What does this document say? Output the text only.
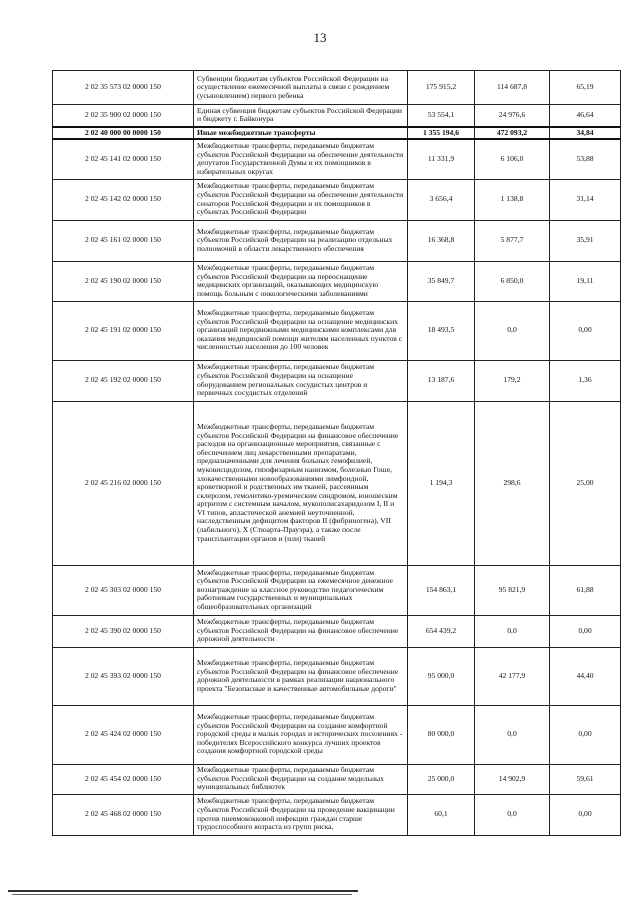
13
2 02 35 573 02 0000 150	Субвенции бюджетам субъектов Российской Федерации на осуществление ежемесячной выплаты в связи с рождением (усыновлением) первого ребенка	175 915,2	114 687,8	65,19
2 02 35 900 02 0000 150	Единая субвенция бюджетам субъектов Российской Федерации и бюджету г. Байконура	53 554,1	24 976,6	46,64
2 02 40 000 00 0000 150	Иные межбюджетные трансферты	1 355 194,6	472 093,2	34,84
2 02 45 141 02 0000 150	Межбюджетные трансферты, передаваемые бюджетам субъектов Российской Федерации на обеспечение деятельности депутатов Государственной Думы и их помощников в избирательных округах	11 331,9	6 106,0	53,88
2 02 45 142 02 0000 150	Межбюджетные трансферты, передаваемые бюджетам субъектов Российской Федерации на обеспечение деятельности сенаторов Российской Федерации и их помощников в субъектах Российской Федерации	3 656,4	1 138,8	31,14
2 02 45 161 02 0000 150	Межбюджетные трансферты, передаваемые бюджетам субъектов Российской Федерации на реализацию отдельных полномочий в области лекарственного обеспечения	16 368,8	5 877,7	35,91
2 02 45 190 02 0000 150	Межбюджетные трансферты, передаваемые бюджетам субъектов Российской Федерации на переоснащение медицинских организаций, оказывающих медицинскую помощь больным с онкологическими заболеваниями	35 849,7	6 850,0	19,11
2 02 45 191 02 0000 150	Межбюджетные трансферты, передаваемые бюджетам субъектов Российской Федерации на оснащение медицинских организаций передвижными медицинскими комплексами для оказания медицинской помощи жителям населенных пунктов с численностью населения до 100 человек	18 493,5	0,0	0,00
2 02 45 192 02 0000 150	Межбюджетные трансферты, передаваемые бюджетам субъектов Российской Федерации на оснащение оборудованием региональных сосудистых центров и первичных сосудистых отделений	13 187,6	179,2	1,36
2 02 45 216 02 0000 150	Межбюджетные трансферты, передаваемые бюджетам субъектов Российской Федерации на финансовое обеспечение расходов на организационные мероприятия, связанные с обеспечением лиц лекарственными препаратами, предназначенными для лечения больных гемофилией, муковисцидозом, гипофизарным нанизмом, болезнью Гоше, злокачественными новообразованиями лимфоидной, кроветворной и родственных им тканей, рассеянным склерозом, гемолитико-уремическим синдромом, юношеским артритом с системным началом, мукополисахаридозом I, II и VI типов, апластической анемией неуточненной, наследственным дефицитом факторов II (фибриногена), VII (лабильного), X (Стюарта-Прауэра), а также после трансплантации органов и (или) тканей	1 194,3	298,6	25,00
2 02 45 303 02 0000 150	Межбюджетные трансферты, передаваемые бюджетам субъектов Российской Федерации на ежемесячное денежное вознаграждение за классное руководство педагогическим работникам государственных и муниципальных общеобразовательных организаций	154 863,1	95 821,9	61,88
2 02 45 390 02 0000 150	Межбюджетные трансферты, передаваемые бюджетам субъектов Российской Федерации на финансовое обеспечение дорожной деятельности	654 439,2	0,0	0,00
2 02 45 393 02 0000 150	Межбюджетные трансферты, передаваемые бюджетам субъектов Российской Федерации на финансовое обеспечение дорожной деятельности в рамках реализации национального проекта "Безопасные и качественные автомобильные дороги"	95 000,0	42 177,9	44,40
2 02 45 424 02 0000 150	Межбюджетные трансферты, передаваемые бюджетам субъектов Российской Федерации на создание комфортной городской среды в малых городах и исторических поселениях - победителях Всероссийского конкурса лучших проектов создания комфортной городской среды	80 000,0	0,0	0,00
2 02 45 454 02 0000 150	Межбюджетные трансферты, передаваемые бюджетам субъектов Российской Федерации на создание модельных муниципальных библиотек	25 000,0	14 902,9	59,61
2 02 45 468 02 0000 150	Межбюджетные трансферты, передаваемые бюджетам субъектов Российской Федерации на проведение вакцинации против пневмококковой инфекции граждан старше трудоспособного возраста из групп риска,	60,1	0,0	0,00
